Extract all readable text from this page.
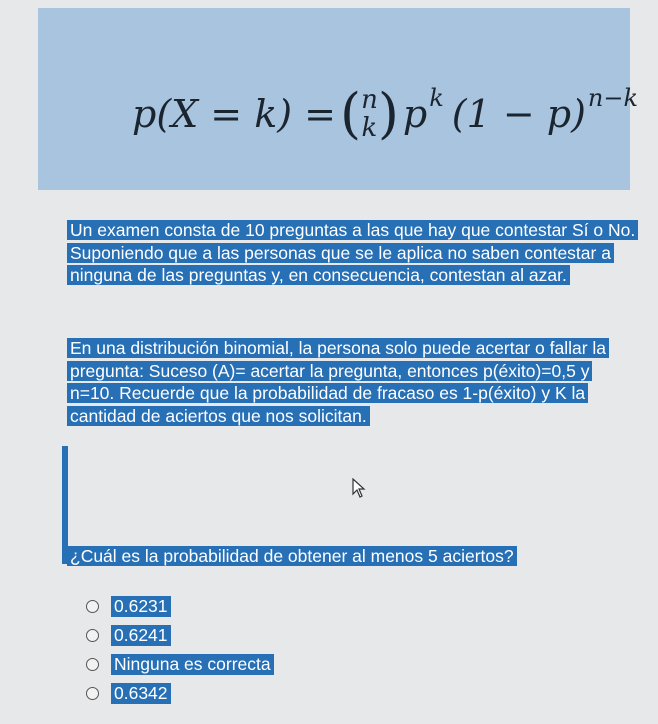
p(X = k) = ( n
k ) p k (1 − p) n−k
Un examen consta de 10 preguntas a las que hay que contestar Sí o No. Suponiendo que a las personas que se le aplica no saben contestar a ninguna de las preguntas y, en consecuencia, contestan al azar.
En una distribución binomial, la persona solo puede acertar o fallar la pregunta: Suceso (A)= acertar la pregunta, entonces p(éxito)=0,5 y n=10. Recuerde que la probabilidad de fracaso es 1-p(éxito) y K la cantidad de aciertos que nos solicitan.
¿Cuál es la probabilidad de obtener al menos 5 aciertos?
0.6231
0.6241
Ninguna es correcta
0.6342
